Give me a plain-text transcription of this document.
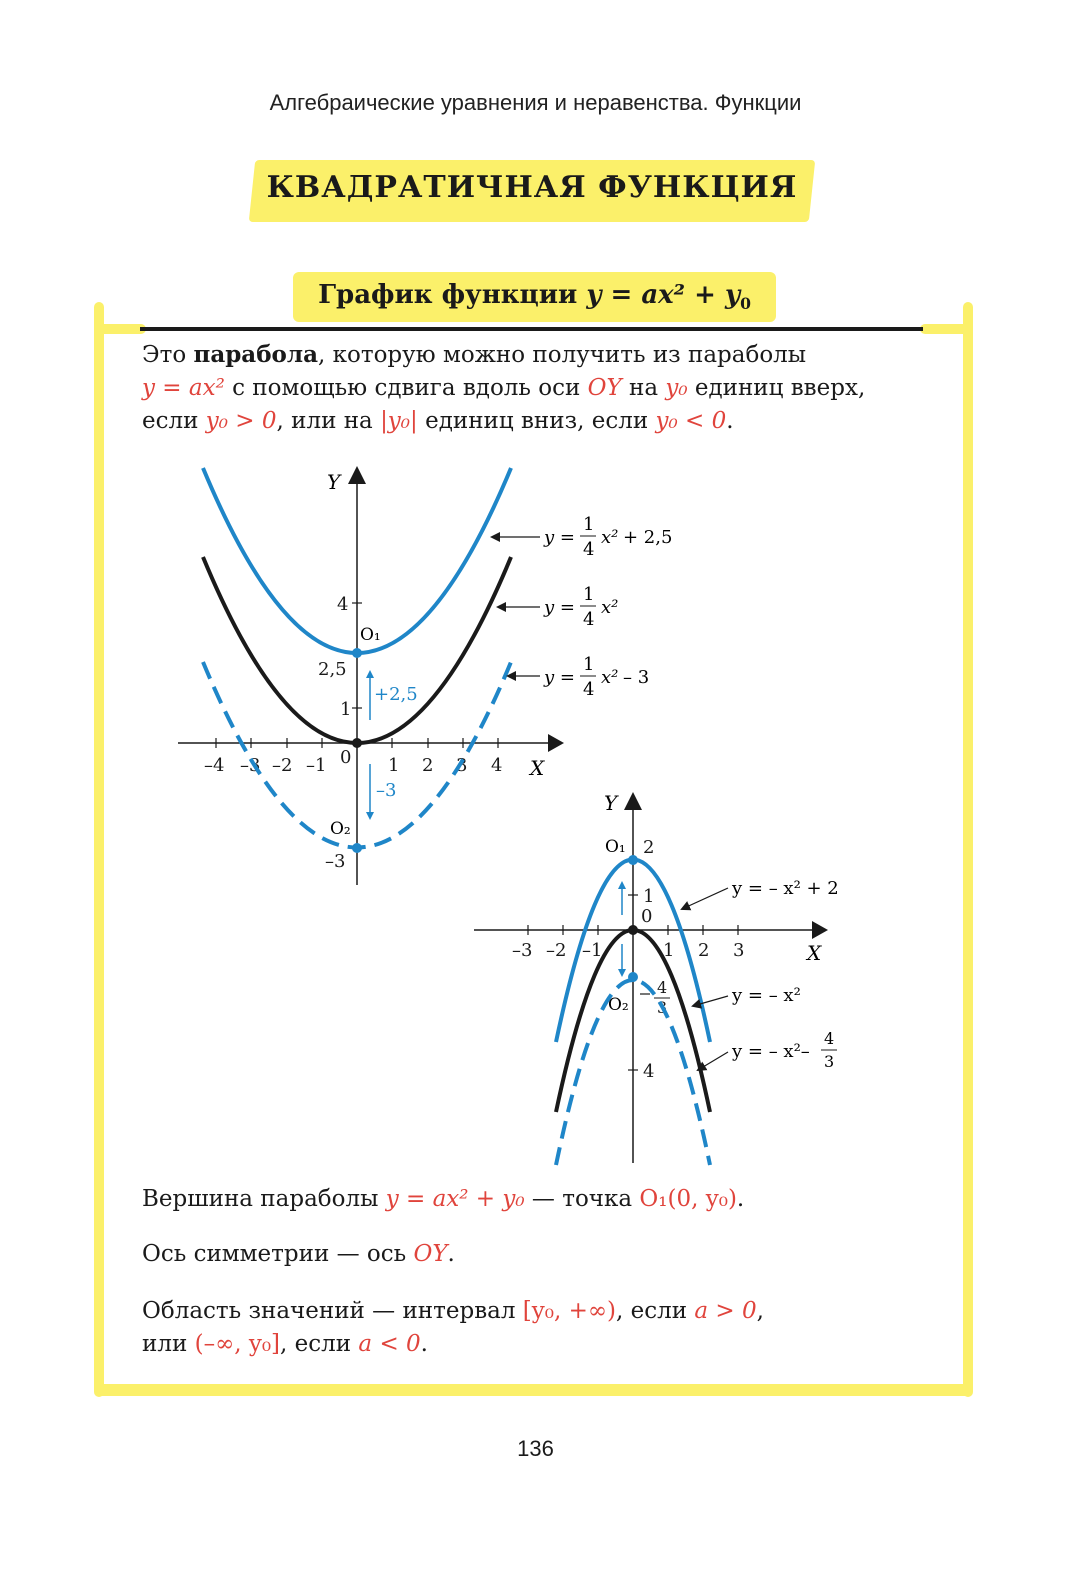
Алгебраические уравнения и неравенства. Функции
КВАДРАТИЧНАЯ ФУНКЦИЯ
График функции $y = ax^2 + y_0$
Это парабола, которую можно получить из параболы
y = ax² с помощью сдвига вдоль оси OY на y₀ единиц вверх,
если y₀ > 0, или на |y₀| единиц вниз, если y₀ < 0.
–4 –3 –2 –1 0 1 2 3 4
4
2,5
1
–3
Y
X
O₁
O₂
+2,5
–3
y =
1
4
x² + 2,5
y =
1
4
x²
y =
1
4
x² – 3
–3 –2 –1	1 2 3
0
2
1
4
4
3
Y
X
O₁
O₂
y = – x² + 2
y = – x²
y = – x²–
4
3
Вершина параболы y = ax² + y₀ — точка O₁(0, y₀).
Ось симметрии — ось OY.
Область значений — интервал [y₀, +∞), если a > 0,
или (–∞, y₀], если a < 0.
136
